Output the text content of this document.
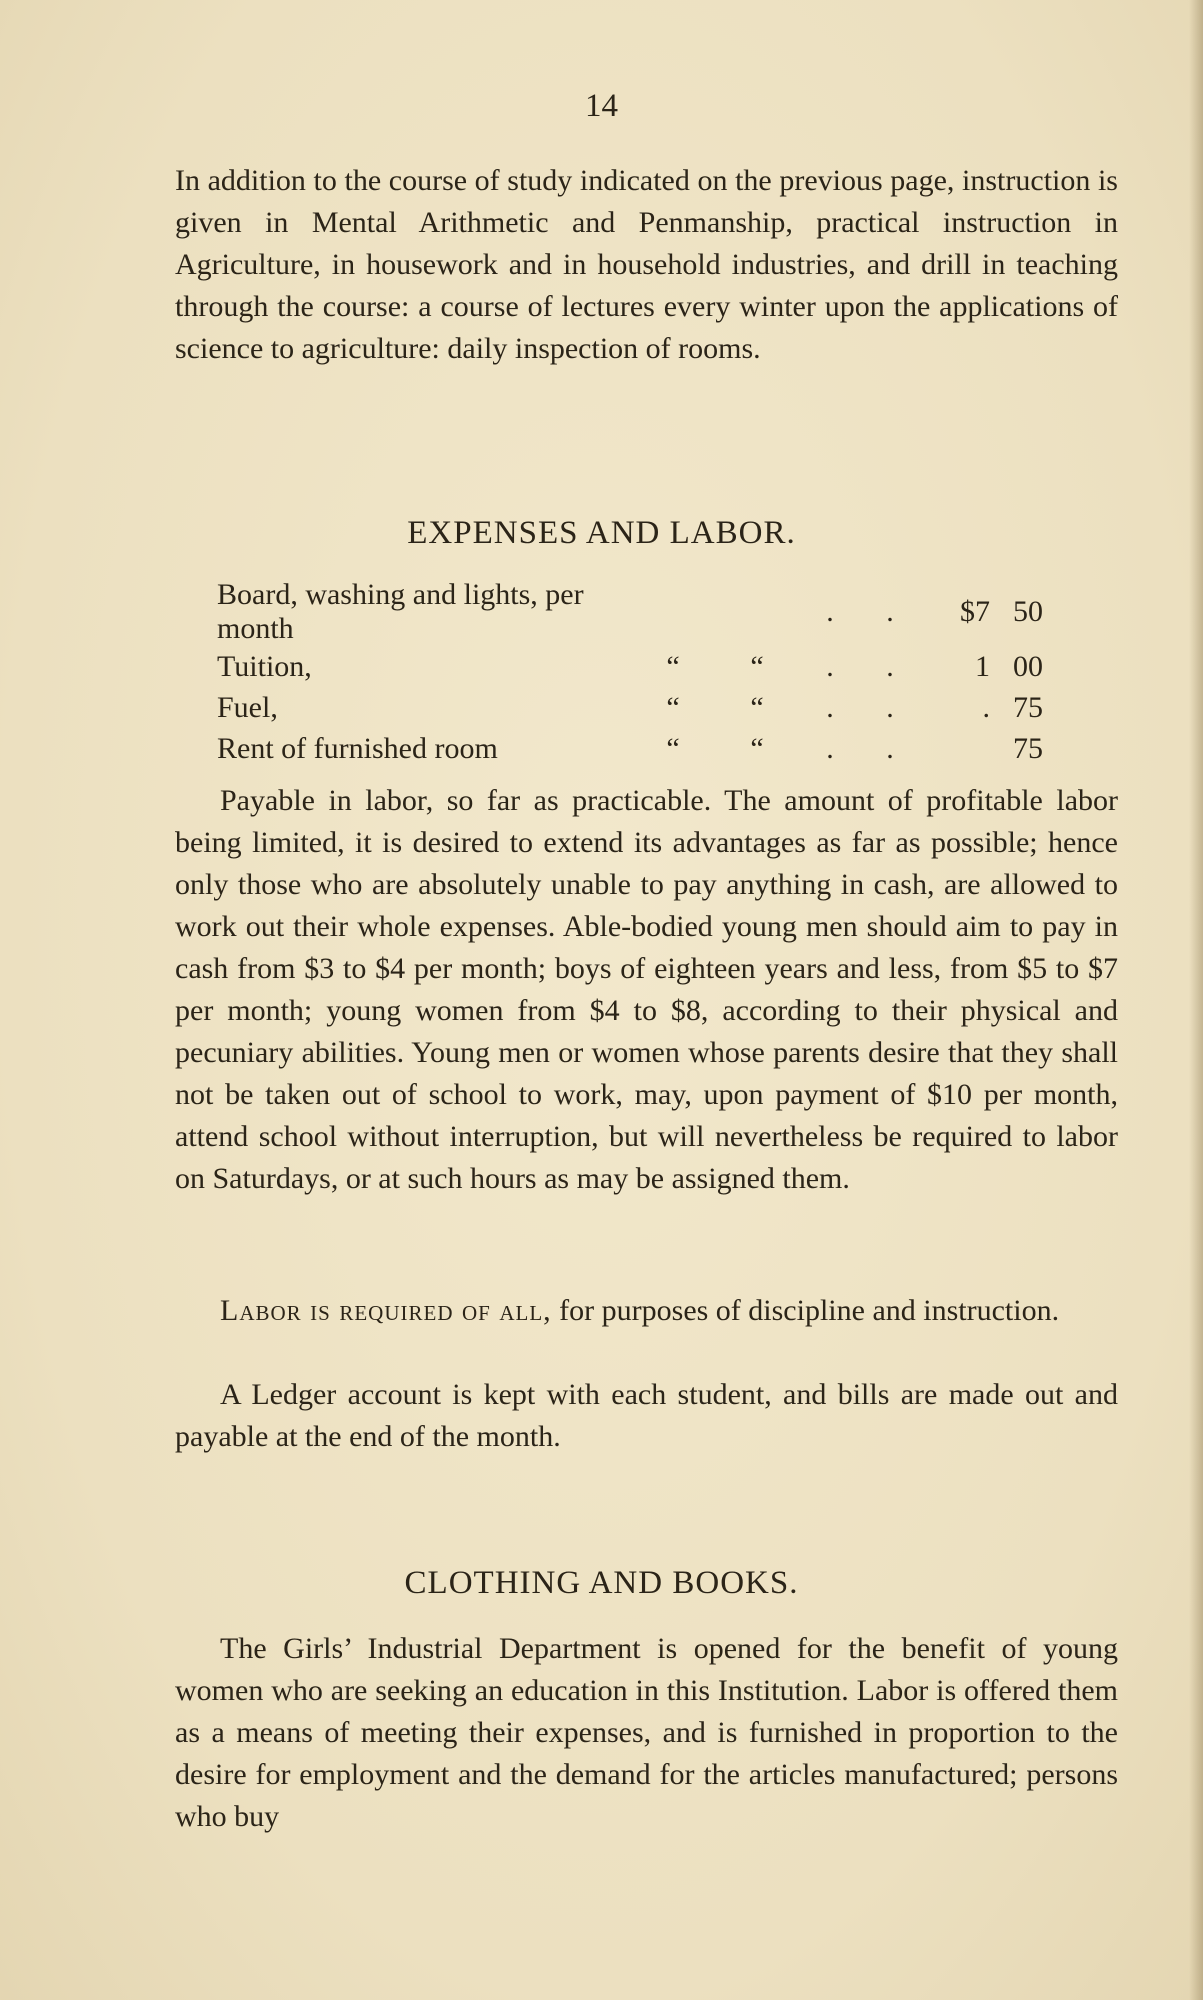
14

In addition to the course of study indicated on the previous page, instruction is given in Mental Arithmetic and Penmanship, practical instruction in Agriculture, in housework and in household industries, and drill in teaching through the course: a course of lectures every winter upon the applications of science to agriculture: daily inspection of rooms.

EXPENSES AND LABOR.
Board, washing and lights, per month			.	.	$7	50
Tuition,	“	“	.	.	1	00
Fuel,	“	“	.	.	.	75
Rent of furnished room	“	“	.	.		75

Payable in labor, so far as practicable. The amount of profitable labor being limited, it is desired to extend its advantages as far as possible; hence only those who are absolutely unable to pay anything in cash, are allowed to work out their whole expenses. Able-bodied young men should aim to pay in cash from $3 to $4 per month; boys of eighteen years and less, from $5 to $7 per month; young women from $4 to $8, according to their physical and pecuniary abilities. Young men or women whose parents desire that they shall not be taken out of school to work, may, upon payment of $10 per month, attend school without interruption, but will nevertheless be required to labor on Saturdays, or at such hours as may be assigned them.

Labor is required of all, for purposes of discipline and instruction.

A Ledger account is kept with each student, and bills are made out and payable at the end of the month.

CLOTHING AND BOOKS.

The Girls’ Industrial Department is opened for the benefit of young women who are seeking an education in this Institution. Labor is offered them as a means of meeting their expenses, and is furnished in proportion to the desire for employment and the demand for the articles manufactured; persons who buy
